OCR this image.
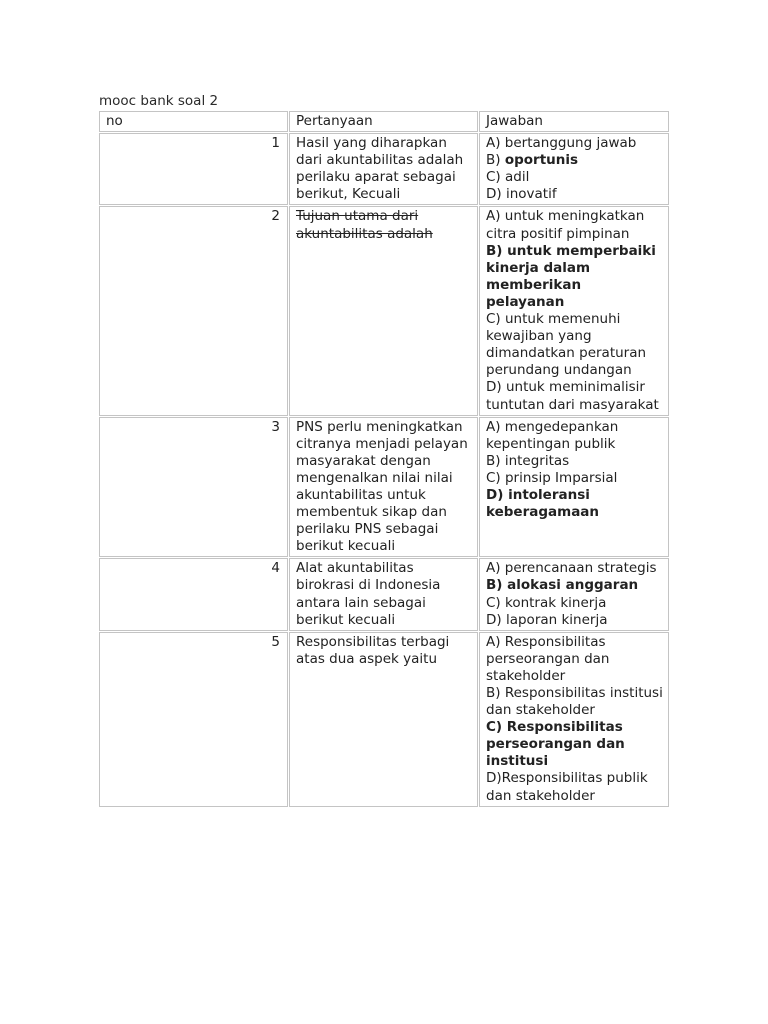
mooc bank soal 2
no	Pertanyaan	Jawaban
1	Hasil yang diharapkan dari akuntabilitas adalah perilaku aparat sebagai berikut, Kecuali	A) bertanggung jawab
B) oportunis
C) adil
D) inovatif

2	Tujuan utama dari akuntabilitas adalah	A) untuk meningkatkan citra positif pimpinan
B) untuk memperbaiki kinerja dalam memberikan pelayanan
C) untuk memenuhi kewajiban yang dimandatkan peraturan perundang undangan
D) untuk meminimalisir tuntutan dari masyarakat

3	PNS perlu meningkatkan citranya menjadi pelayan masyarakat dengan mengenalkan nilai nilai akuntabilitas untuk membentuk sikap dan perilaku PNS sebagai berikut kecuali	A) mengedepankan kepentingan publik
B) integritas
C) prinsip Imparsial
D) intoleransi keberagamaan

4	Alat akuntabilitas birokrasi di Indonesia antara lain sebagai berikut kecuali	A) perencanaan strategis
B) alokasi anggaran
C) kontrak kinerja
D) laporan kinerja

5	Responsibilitas terbagi atas dua aspek yaitu	A) Responsibilitas perseorangan dan stakeholder
B) Responsibilitas institusi dan stakeholder
C) Responsibilitas perseorangan dan institusi
D)Responsibilitas publik dan stakeholder
